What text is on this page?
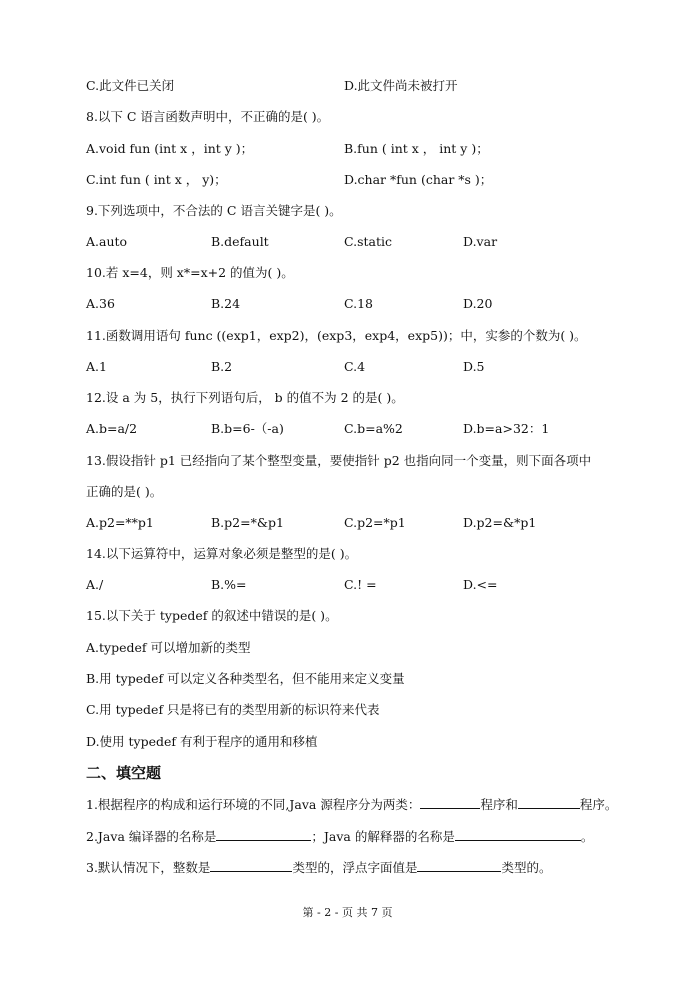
C.此文件已关闭	D.此文件尚未被打开
8.以下 C 语言函数声明中，不正确的是( )。
A.void fun (int x ，int y )；	B.fun ( int x ， int y )；
C.int fun ( int x ， y)；	D.char *fun (char *s )；
9.下列选项中，不合法的 C 语言关键字是( )。
A.auto	B.default	C.static	D.var
10.若 x=4，则 x*=x+2 的值为( )。
A.36	B.24	C.18	D.20
11.函数调用语句 func ((exp1，exp2)，(exp3，exp4，exp5))；中，实参的个数为( )。
A.1	B.2	C.4	D.5
12.设 a 为 5，执行下列语句后， b 的值不为 2 的是( )。
A.b=a/2	B.b=6-（-a)	C.b=a%2	D.b=a>32：1
13.假设指针 p1 已经指向了某个整型变量，要使指针 p2 也指向同一个变量，则下面各项中
正确的是( )。
A.p2=**p1	B.p2=*&p1	C.p2=*p1	D.p2=&*p1
14.以下运算符中，运算对象必须是整型的是( )。
A./	B.%=	C.! =	D.<=
15.以下关于 typedef 的叙述中错误的是( )。
A.typedef 可以增加新的类型
B.用 typedef 可以定义各种类型名，但不能用来定义变量
C.用 typedef 只是将已有的类型用新的标识符来代表
D.使用 typedef 有利于程序的通用和移植
二、填空题
1.根据程序的构成和运行环境的不同,Java 源程序分为两类：	程序和	程序。
2.Java 编译器的名称是	；Java 的解释器的名称是	。
3.默认情况下，整数是	类型的，浮点字面值是	类型的。
第 - 2 - 页 共 7 页
